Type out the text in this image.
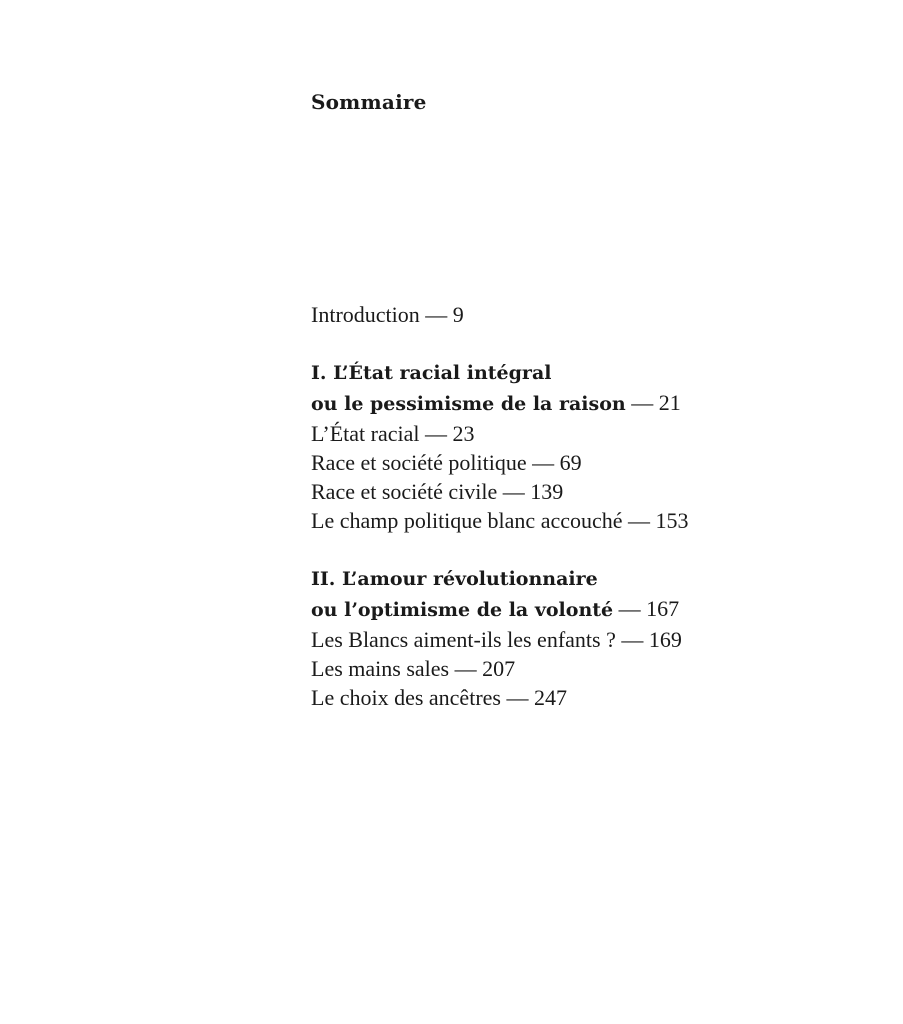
Sommaire
Introduction — 9
I. L’État racial intégral
ou le pessimisme de la raison — 21
L’État racial — 23
Race et société politique — 69
Race et société civile — 139
Le champ politique blanc accouché — 153
II. L’amour révolutionnaire
ou l’optimisme de la volonté — 167
Les Blancs aiment-ils les enfants ? — 169
Les mains sales — 207
Le choix des ancêtres — 247
